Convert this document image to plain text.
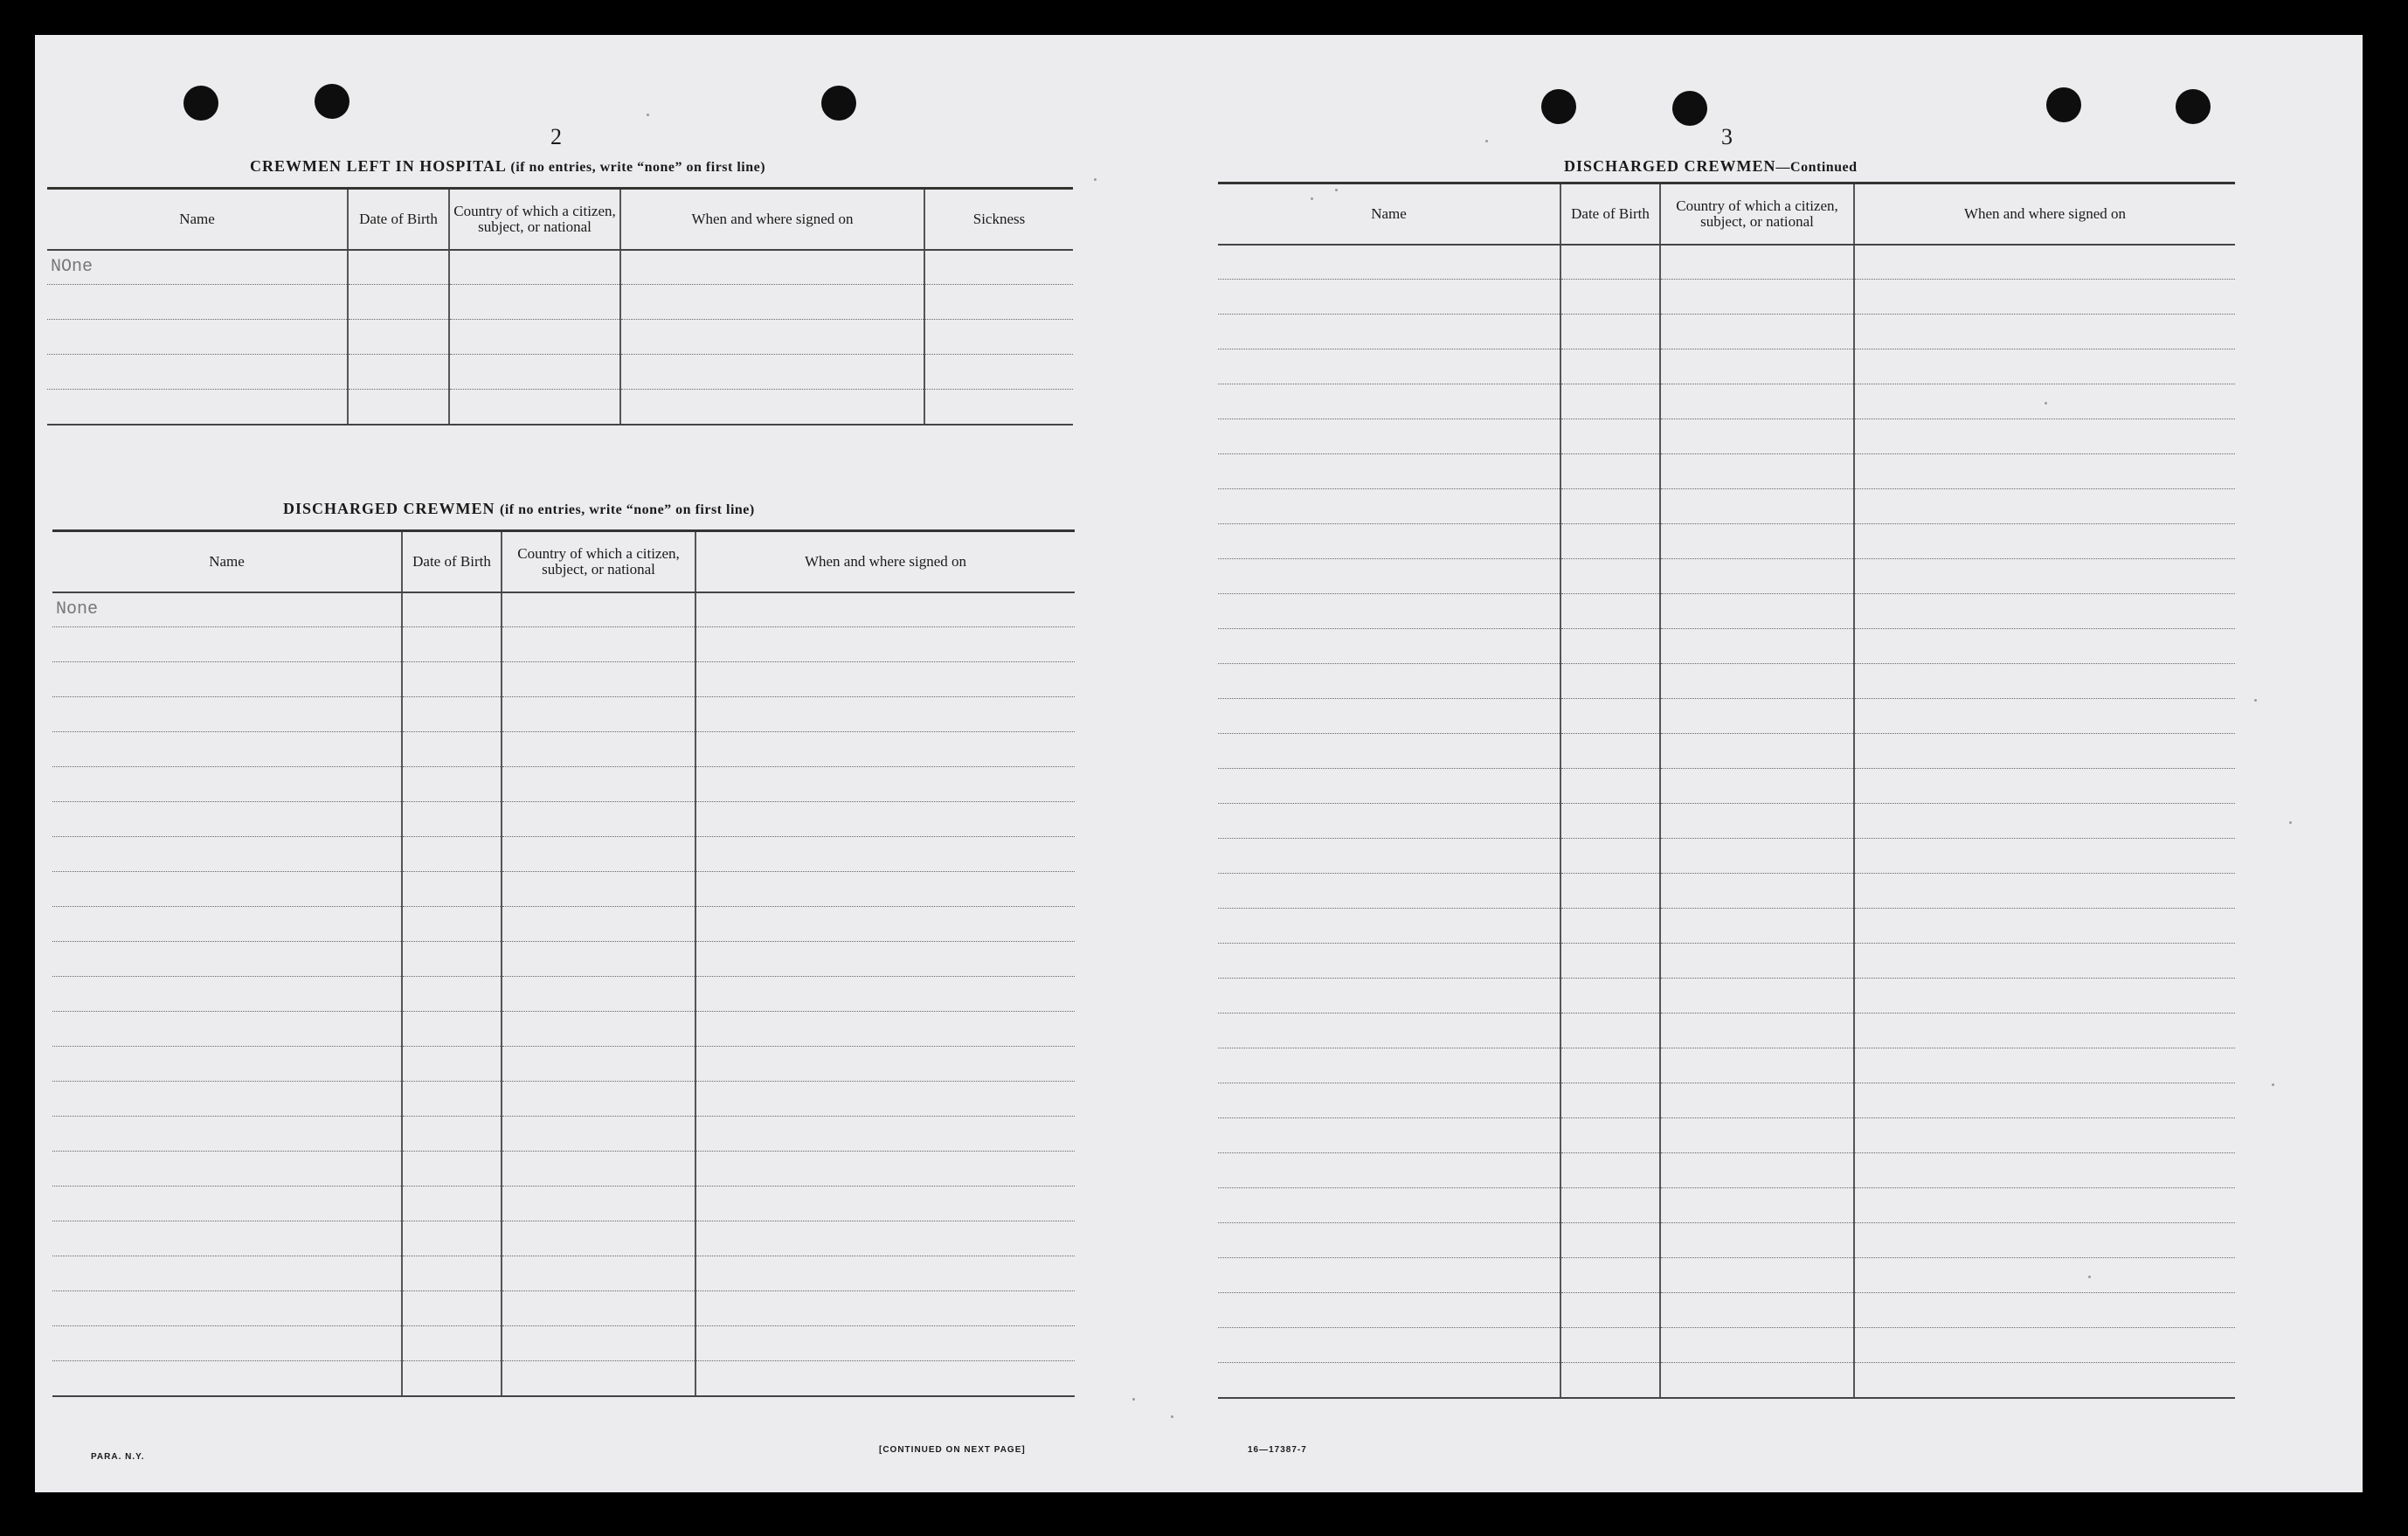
2
CREWMEN LEFT IN HOSPITAL (if no entries, write “none” on first line)
Name	Date of Birth	Country of which a citizen, subject, or national	When and where signed on	Sickness
NOne				

DISCHARGED CREWMEN (if no entries, write “none” on first line)
Name	Date of Birth	Country of which a citizen, subject, or national	When and where signed on
None			

PARA. N.Y.
[CONTINUED ON NEXT PAGE]
3
DISCHARGED CREWMEN—Continued
Name	Date of Birth	Country of which a citizen, subject, or national	When and where signed on

16—17387-7
